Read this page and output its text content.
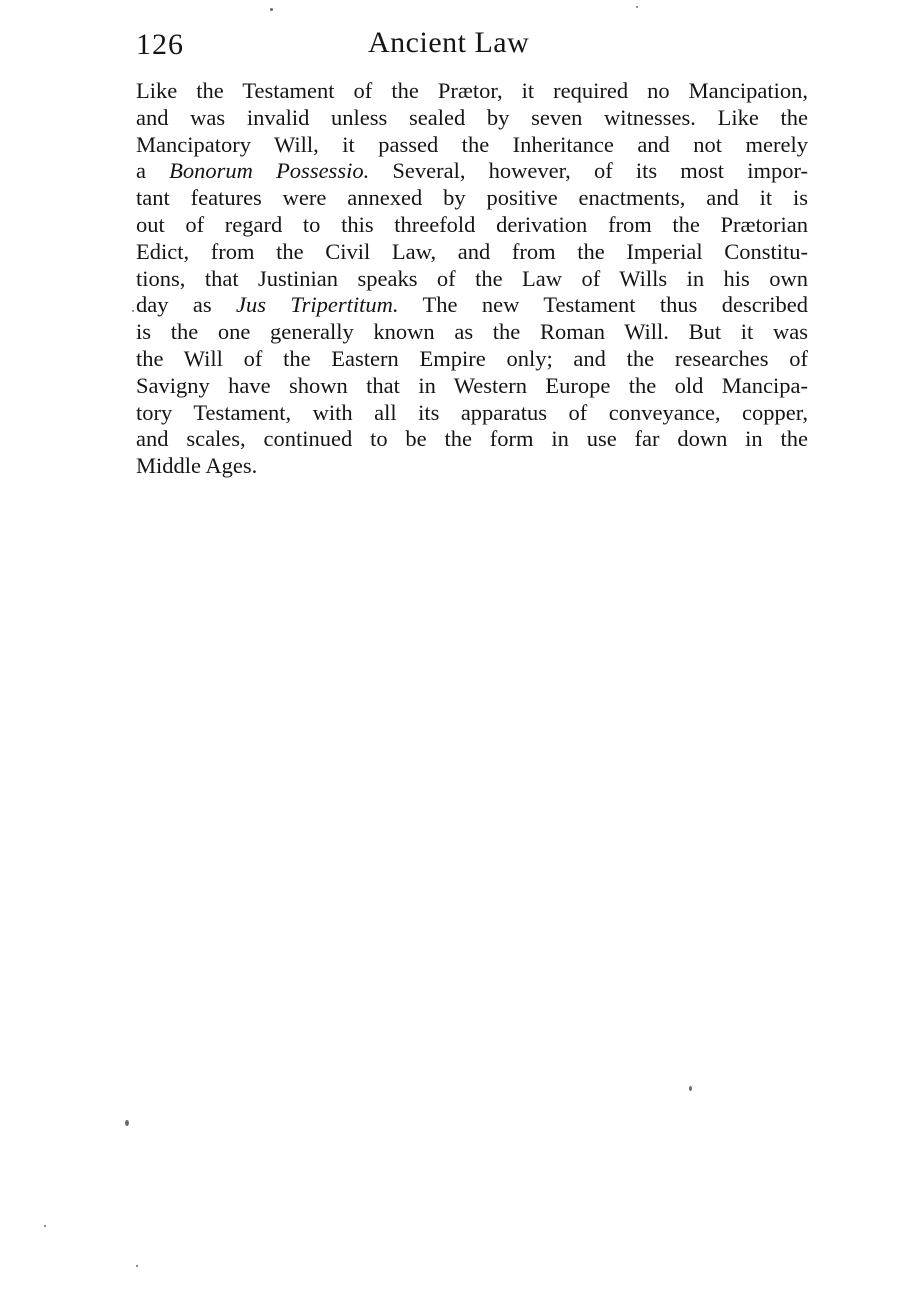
126	Ancient Law
Like the Testament of the Prætor, it required no Mancipation,
and was invalid unless sealed by seven witnesses. Like the
Mancipatory Will, it passed the Inheritance and not merely
a Bonorum Possessio. Several, however, of its most impor-
tant features were annexed by positive enactments, and it is
out of regard to this threefold derivation from the Prætorian
Edict, from the Civil Law, and from the Imperial Constitu-
tions, that Justinian speaks of the Law of Wills in his own
day as Jus Tripertitum. The new Testament thus described
is the one generally known as the Roman Will. But it was
the Will of the Eastern Empire only; and the researches of
Savigny have shown that in Western Europe the old Mancipa-
tory Testament, with all its apparatus of conveyance, copper,
and scales, continued to be the form in use far down in the
Middle Ages.
